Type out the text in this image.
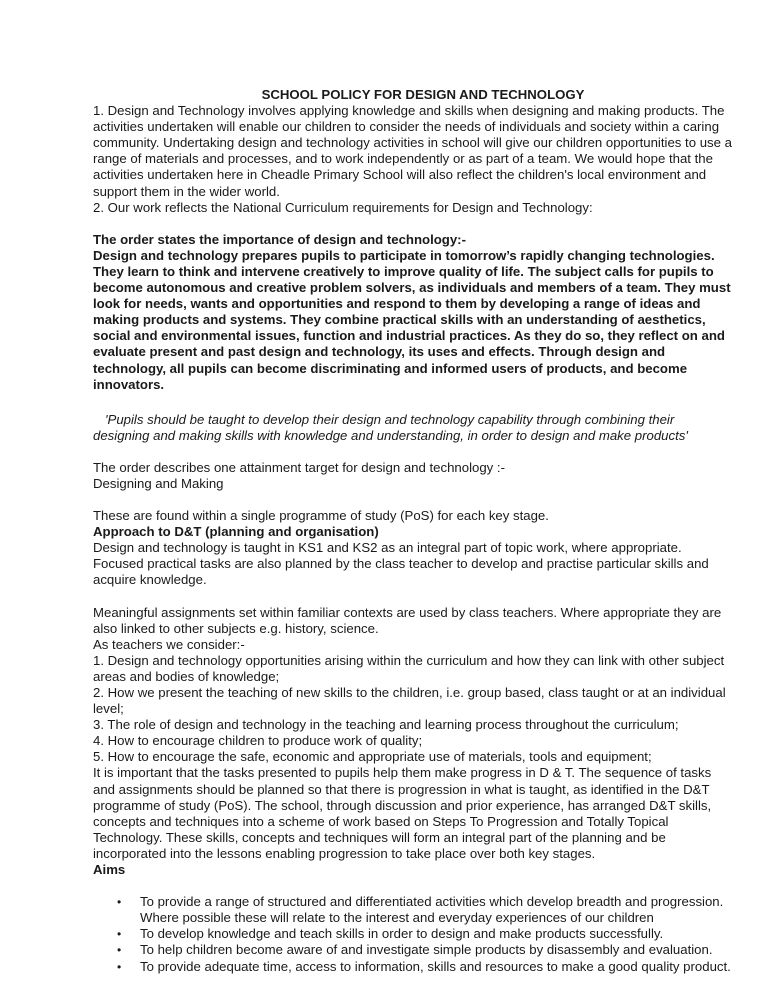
SCHOOL POLICY FOR DESIGN AND TECHNOLOGY

1. Design and Technology involves applying knowledge and skills when designing and making products. The activities undertaken will enable our children to consider the needs of individuals and society within a caring community. Undertaking design and technology activities in school will give our children opportunities to use a range of materials and processes, and to work independently or as part of a team. We would hope that the activities undertaken here in Cheadle Primary School will also reflect the children's local environment and support them in the wider world.

2. Our work reflects the National Curriculum requirements for Design and Technology:

The order states the importance of design and technology:-

Design and technology prepares pupils to participate in tomorrow’s rapidly changing technologies. They learn to think and intervene creatively to improve quality of life. The subject calls for pupils to become autonomous and creative problem solvers, as individuals and members of a team. They must look for needs, wants and opportunities and respond to them by developing a range of ideas and making products and systems. They combine practical skills with an understanding of aesthetics, social and environmental issues, function and industrial practices. As they do so, they reflect on and evaluate present and past design and technology, its uses and effects. Through design and technology, all pupils can become discriminating and informed users of products, and become innovators.

'Pupils should be taught to develop their design and technology capability through combining their designing and making skills with knowledge and understanding, in order to design and make products'

The order describes one attainment target for design and technology :-

Designing and Making

These are found within a single programme of study (PoS) for each key stage.

Approach to D&T (planning and organisation)

Design and technology is taught in KS1 and KS2 as an integral part of topic work, where appropriate. Focused practical tasks are also planned by the class teacher to develop and practise particular skills and acquire knowledge.

Meaningful assignments set within familiar contexts are used by class teachers. Where appropriate they are also linked to other subjects e.g. history, science.

As teachers we consider:-

1. Design and technology opportunities arising within the curriculum and how they can link with other subject areas and bodies of knowledge;

2. How we present the teaching of new skills to the children, i.e. group based, class taught or at an individual level;

3. The role of design and technology in the teaching and learning process throughout the curriculum;

4. How to encourage children to produce work of quality;

5. How to encourage the safe, economic and appropriate use of materials, tools and equipment;

It is important that the tasks presented to pupils help them make progress in D & T. The sequence of tasks and assignments should be planned so that there is progression in what is taught, as identified in the D&T programme of study (PoS). The school, through discussion and prior experience, has arranged D&T skills, concepts and techniques into a scheme of work based on Steps To Progression and Totally Topical Technology. These skills, concepts and techniques will form an integral part of the planning and be incorporated into the lessons enabling progression to take place over both key stages.

Aims

• To provide a range of structured and differentiated activities which develop breadth and progression. Where possible these will relate to the interest and everyday experiences of our children
• To develop knowledge and teach skills in order to design and make products successfully.
• To help children become aware of and investigate simple products by disassembly and evaluation.
• To provide adequate time, access to information, skills and resources to make a good quality product.
